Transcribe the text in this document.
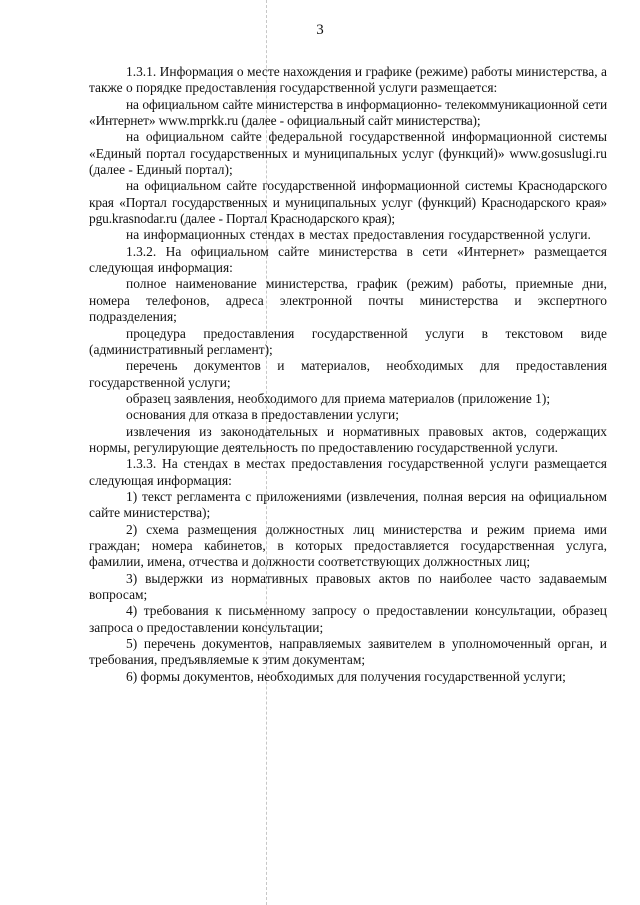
3

1.3.1. Информация о месте нахождения и графике (режиме) работы министерства, а также о порядке предоставления государственной услуги размещается:

на официальном сайте министерства в информационно- телекоммуникационной сети «Интернет» www.mprkk.ru (далее - официальный сайт министерства);

на официальном сайте федеральной государственной информационной системы «Единый портал государственных и муниципальных услуг (функций)» www.gosuslugi.ru (далее - Единый портал);

на официальном сайте государственной информационной системы Краснодарского края «Портал государственных и муниципальных услуг (функций) Краснодарского края» pgu.krasnodar.ru (далее - Портал Краснодарского края);

на информационных стендах в местах предоставления государственной услуги.

1.3.2. На официальном сайте министерства в сети «Интернет» размещается следующая информация:

полное наименование министерства, график (режим) работы, приемные дни, номера телефонов, адреса электронной почты министерства и экспертного подразделения;

процедура предоставления государственной услуги в текстовом виде (административный регламент);

перечень документов и материалов, необходимых для предоставления государственной услуги;

образец заявления, необходимого для приема материалов (приложение 1);

основания для отказа в предоставлении услуги;

извлечения из законодательных и нормативных правовых актов, содержащих нормы, регулирующие деятельность по предоставлению государственной услуги.

1.3.3. На стендах в местах предоставления государственной услуги размещается следующая информация:

1) текст регламента с приложениями (извлечения, полная версия на официальном сайте министерства);

2) схема размещения должностных лиц министерства и режим приема ими граждан; номера кабинетов, в которых предоставляется государственная услуга, фамилии, имена, отчества и должности соответствующих должностных лиц;

3) выдержки из нормативных правовых актов по наиболее часто задаваемым вопросам;

4) требования к письменному запросу о предоставлении консультации, образец запроса о предоставлении консультации;

5) перечень документов, направляемых заявителем в уполномоченный орган, и требования, предъявляемые к этим документам;

6) формы документов, необходимых для получения государственной услуги;
